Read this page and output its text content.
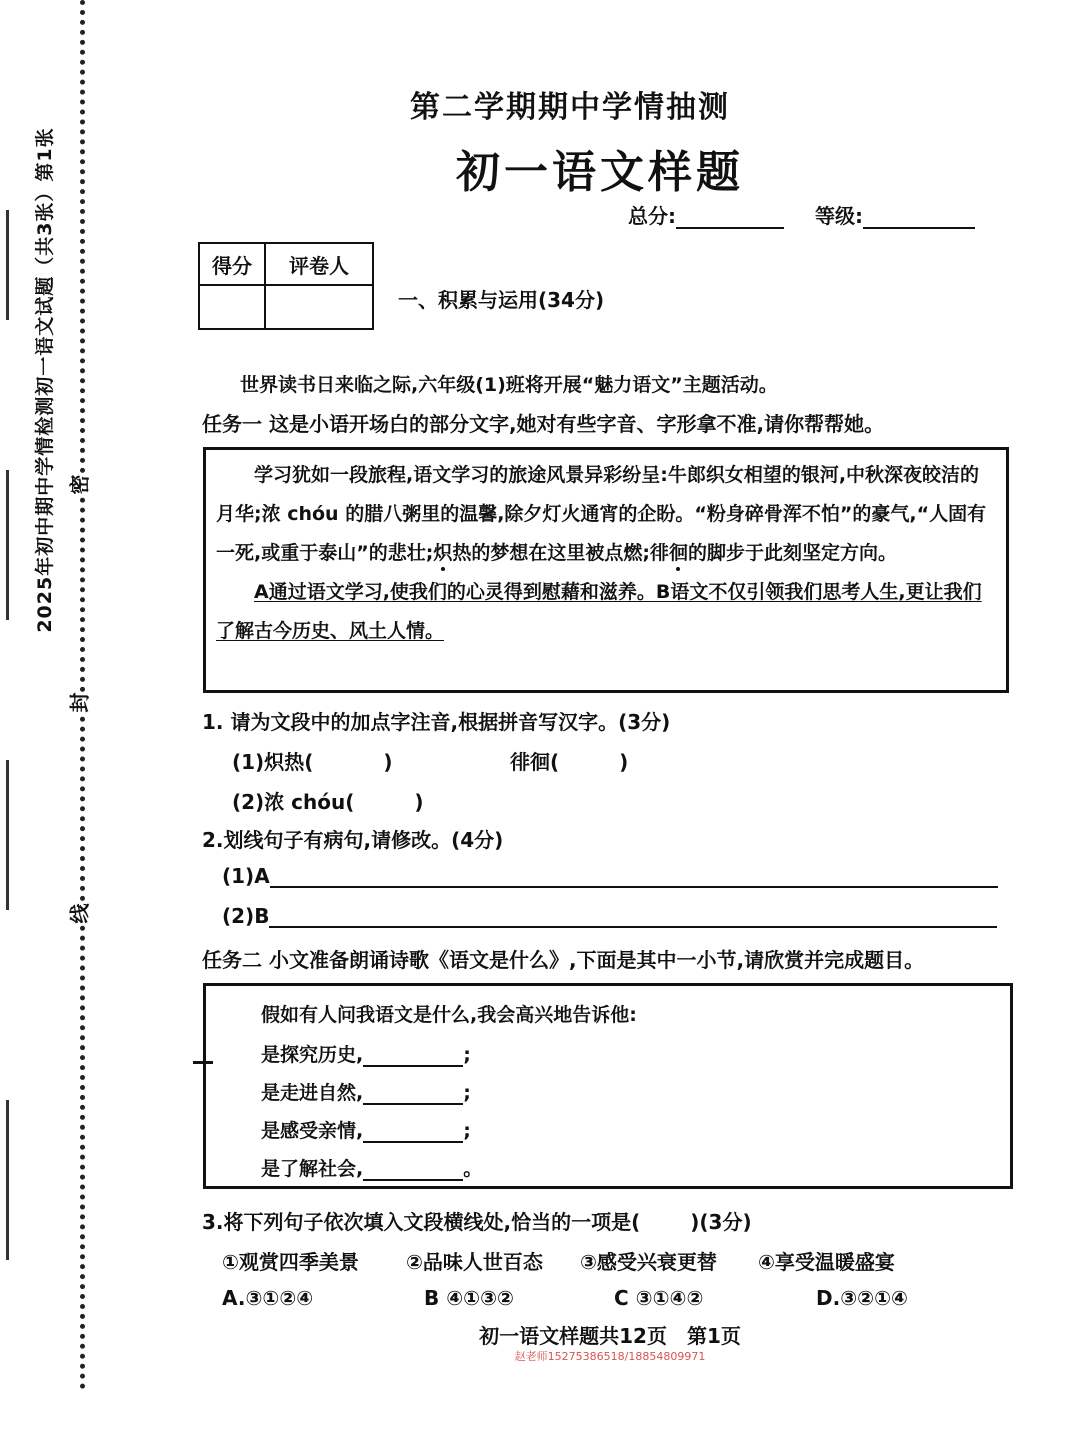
2025年初中期中学情检测初一语文试题（共3张）第1张 密
封
线
第二学期期中学情抽测
初一语文样题
总分:	等级:
得分	评卷人

一、积累与运用(34分)
世界读书日来临之际,六年级(1)班将开展“魅力语文”主题活动。
任务一 这是小语开场白的部分文字,她对有些字音、字形拿不准,请你帮帮她。

学习犹如一段旅程,语文学习的旅途风景异彩纷呈:牛郎织女相望的银河,中秋深夜皎洁的月华;浓 chóu 的腊八粥里的温馨,除夕灯火通宵的企盼。“粉身碎骨浑不怕”的豪气,“人固有一死,或重于泰山”的悲壮;炽热的梦想在这里被点燃;徘徊的脚步于此刻坚定方向。

A通过语文学习,使我们的心灵得到慰藉和滋养。B语文不仅引领我们思考人生,更让我们了解古今历史、风土人情。

1. 请为文段中的加点字注音,根据拼音写汉字。(3分)
(1)炽热(	)	徘徊(	)
(2)浓 chóu(	)
2.划线句子有病句,请修改。(4分)
(1)A
(2)B
任务二 小文准备朗诵诗歌《语文是什么》,下面是其中一小节,请欣赏并完成题目。
假如有人问我语文是什么,我会高兴地告诉他:
是探究历史,	;
是走进自然,	;
是感受亲情,	;
是了解社会,	。
3.将下列句子依次填入文段横线处,恰当的一项是(	)(3分)
①观赏四季美景 ②品味人世百态 ③感受兴衰更替 ④享受温暖盛宴
A.③①②④	B ④①③②	C ③①④②	D.③②①④
初一语文样题共12页　第1页
赵老师15275386518/18854809971
